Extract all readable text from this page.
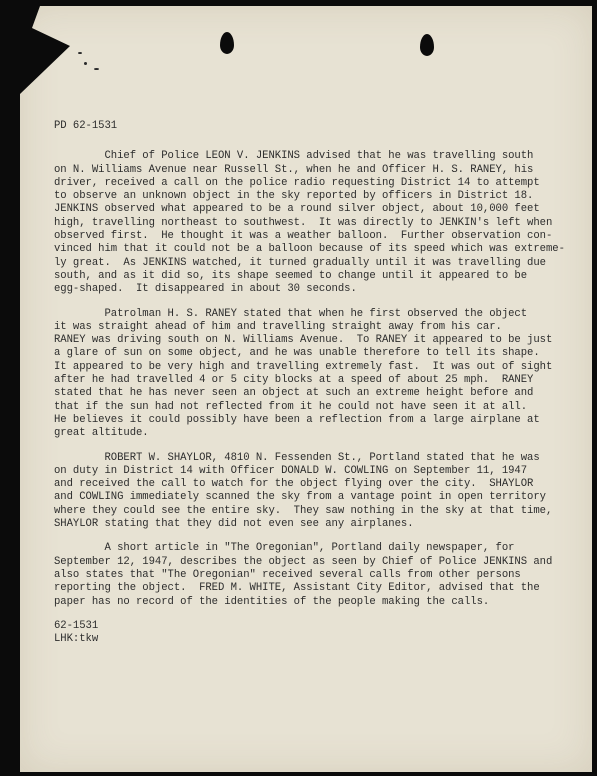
PD 62-1531

Chief of Police LEON V. JENKINS advised that he was travelling south

on N. Williams Avenue near Russell St., when he and Officer H. S. RANEY, his

driver, received a call on the police radio requesting District 14 to attempt

to observe an unknown object in the sky reported by officers in District 18.

JENKINS observed what appeared to be a round silver object, about 10,000 feet

high, travelling northeast to southwest.  It was directly to JENKIN's left when

observed first.  He thought it was a weather balloon.  Further observation con-

vinced him that it could not be a balloon because of its speed which was extreme-

ly great.  As JENKINS watched, it turned gradually until it was travelling due

south, and as it did so, its shape seemed to change until it appeared to be

egg-shaped.  It disappeared in about 30 seconds.

Patrolman H. S. RANEY stated that when he first observed the object

it was straight ahead of him and travelling straight away from his car.

RANEY was driving south on N. Williams Avenue.  To RANEY it appeared to be just

a glare of sun on some object, and he was unable therefore to tell its shape.

It appeared to be very high and travelling extremely fast.  It was out of sight

after he had travelled 4 or 5 city blocks at a speed of about 25 mph.  RANEY

stated that he has never seen an object at such an extreme height before and

that if the sun had not reflected from it he could not have seen it at all.

He believes it could possibly have been a reflection from a large airplane at

great altitude.

ROBERT W. SHAYLOR, 4810 N. Fessenden St., Portland stated that he was

on duty in District 14 with Officer DONALD W. COWLING on September 11, 1947

and received the call to watch for the object flying over the city.  SHAYLOR

and COWLING immediately scanned the sky from a vantage point in open territory

where they could see the entire sky.  They saw nothing in the sky at that time,

SHAYLOR stating that they did not even see any airplanes.

A short article in "The Oregonian", Portland daily newspaper, for

September 12, 1947, describes the object as seen by Chief of Police JENKINS and

also states that "The Oregonian" received several calls from other persons

reporting the object.  FRED M. WHITE, Assistant City Editor, advised that the

paper has no record of the identities of the people making the calls.

62-1531

LHK:tkw
